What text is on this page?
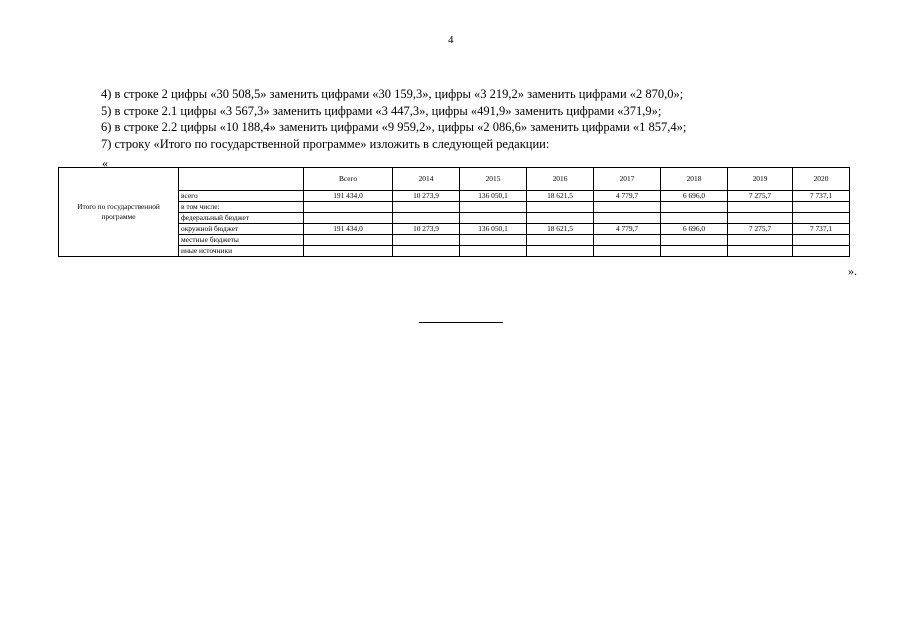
4
4) в строке 2 цифры «30 508,5» заменить цифрами «30 159,3», цифры «3 219,2» заменить цифрами «2 870,0»;
5) в строке 2.1 цифры «3 567,3» заменить цифрами «3 447,3», цифры «491,9» заменить цифрами «371,9»;
6) в строке 2.2 цифры «10 188,4» заменить цифрами «9 959,2», цифры «2 086,6» заменить цифрами «1 857,4»;
7) строку «Итого по государственной программе» изложить в следующей редакции:
«
Итого по государственной программе		Всего	2014	2015	2016	2017	2018	2019	2020
	всего	191 434,0	10 273,9	136 050,1	18 621,5	4 779,7	6 696,0	7 275,7	7 737,1
	в том числе:								
	федеральный бюджет								
	окружной бюджет	191 434,0	10 273,9	136 050,1	18 621,5	4 779,7	6 696,0	7 275,7	7 737,1
	местные бюджеты								
	иные источники								
».
